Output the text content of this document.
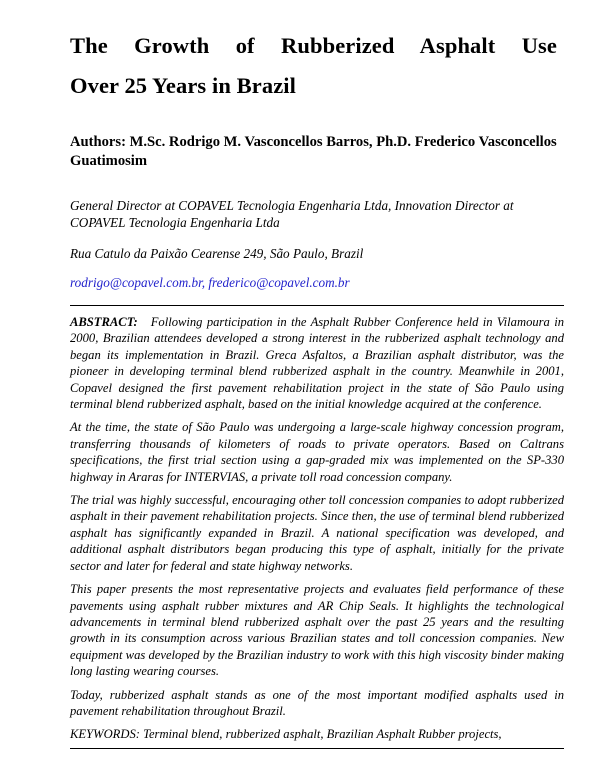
The Growth of Rubberized Asphalt Use
Over 25 Years in Brazil

Authors: M.Sc. Rodrigo M. Vasconcellos Barros, Ph.D. Frederico Vasconcellos Guatimosim

General Director at COPAVEL Tecnologia Engenharia Ltda, Innovation Director at COPAVEL Tecnologia Engenharia Ltda

Rua Catulo da Paixão Cearense 249, São Paulo, Brazil

rodrigo@copavel.com.br, frederico@copavel.com.br

ABSTRACT: Following participation in the Asphalt Rubber Conference held in Vilamoura in 2000, Brazilian attendees developed a strong interest in the rubberized asphalt technology and began its implementation in Brazil. Greca Asfaltos, a Brazilian asphalt distributor, was the pioneer in developing terminal blend rubberized asphalt in the country. Meanwhile in 2001, Copavel designed the first pavement rehabilitation project in the state of São Paulo using terminal blend rubberized asphalt, based on the initial knowledge acquired at the conference.

At the time, the state of São Paulo was undergoing a large-scale highway concession program, transferring thousands of kilometers of roads to private operators. Based on Caltrans specifications, the first trial section using a gap-graded mix was implemented on the SP-330 highway in Araras for INTERVIAS, a private toll road concession company.

The trial was highly successful, encouraging other toll concession companies to adopt rubberized asphalt in their pavement rehabilitation projects. Since then, the use of terminal blend rubberized asphalt has significantly expanded in Brazil. A national specification was developed, and additional asphalt distributors began producing this type of asphalt, initially for the private sector and later for federal and state highway networks.

This paper presents the most representative projects and evaluates field performance of these pavements using asphalt rubber mixtures and AR Chip Seals. It highlights the technological advancements in terminal blend rubberized asphalt over the past 25 years and the resulting growth in its consumption across various Brazilian states and toll concession companies. New equipment was developed by the Brazilian industry to work with this high viscosity binder making long lasting wearing courses.

Today, rubberized asphalt stands as one of the most important modified asphalts used in pavement rehabilitation throughout Brazil.

KEYWORDS: Terminal blend, rubberized asphalt, Brazilian Asphalt Rubber projects,
